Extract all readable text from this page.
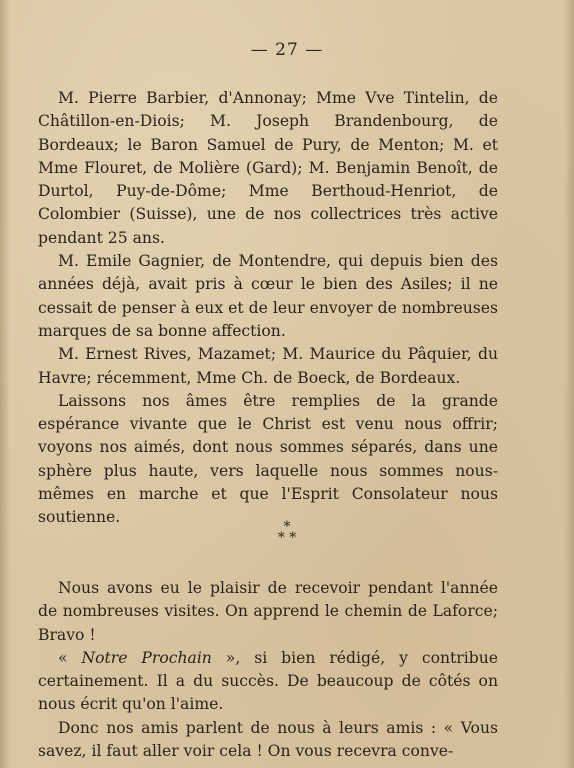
— 27 —

M. Pierre Barbier, d'Annonay; Mme Vve Tintelin, de Châtillon-en-Diois; M. Joseph Brandenbourg, de Bordeaux; le Baron Samuel de Pury, de Menton; M. et Mme Flouret, de Molière (Gard); M. Benjamin Benoît, de Durtol, Puy-de-Dôme; Mme Berthoud-Henriot, de Colombier (Suisse), une de nos collectrices très active pendant 25 ans.

M. Emile Gagnier, de Montendre, qui depuis bien des années déjà, avait pris à cœur le bien des Asiles; il ne cessait de penser à eux et de leur envoyer de nombreuses marques de sa bonne affection.

M. Ernest Rives, Mazamet; M. Maurice du Pâquier, du Havre; récemment, Mme Ch. de Boeck, de Bordeaux.

Laissons nos âmes être remplies de la grande espérance vivante que le Christ est venu nous offrir; voyons nos aimés, dont nous sommes séparés, dans une sphère plus haute, vers laquelle nous sommes nous-mêmes en marche et que l'Esprit Consolateur nous soutienne.

*
* *

Nous avons eu le plaisir de recevoir pendant l'année de nombreuses visites. On apprend le chemin de Laforce; Bravo !

« Notre Prochain », si bien rédigé, y contribue certainement. Il a du succès. De beaucoup de côtés on nous écrit qu'on l'aime.

Donc nos amis parlent de nous à leurs amis : « Vous savez, il faut aller voir cela ! On vous recevra conve-
